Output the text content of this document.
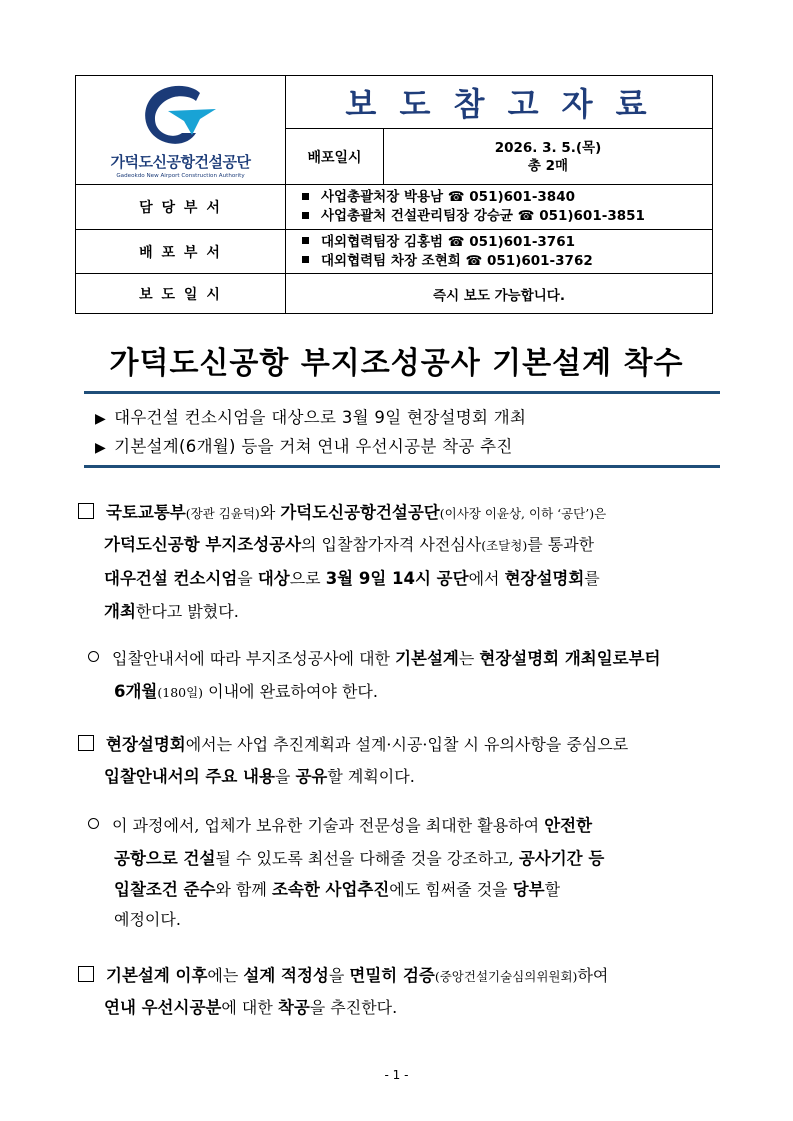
가덕도신공항건설공단
Gadeokdo New Airport Construction Authority	보 도 참 고 자 료	
	배포일시	2026. 3. 5.(목)
총 2매

담 당 부 서	사업총괄처장 박용남 ☎ 051)601-3840
사업총괄처 건설관리팀장 강승균 ☎ 051)601-3851	

배 포 부 서	대외협력팀장 김홍범 ☎ 051)601-3761
대외협력팀 차장 조현희 ☎ 051)601-3762	

보 도 일 시	즉시 보도 가능합니다.	
가덕도신공항 부지조성공사 기본설계 착수
▶ 대우건설 컨소시엄을 대상으로 3월 9일 현장설명회 개최
▶ 기본설계(6개월) 등을 거쳐 연내 우선시공분 착공 추진
국토교통부(장관 김윤덕)와 가덕도신공항건설공단(이사장 이윤상, 이하 ‘공단’)은
가덕도신공항 부지조성공사의 입찰참가자격 사전심사(조달청)를 통과한
대우건설 컨소시엄을 대상으로 3월 9일 14시 공단에서 현장설명회를
개최한다고 밝혔다.
입찰안내서에 따라 부지조성공사에 대한 기본설계는 현장설명회 개최일로부터
6개월(180일) 이내에 완료하여야 한다.
현장설명회에서는 사업 추진계획과 설계·시공·입찰 시 유의사항을 중심으로
입찰안내서의 주요 내용을 공유할 계획이다.
이 과정에서, 업체가 보유한 기술과 전문성을 최대한 활용하여 안전한
공항으로 건설될 수 있도록 최선을 다해줄 것을 강조하고, 공사기간 등
입찰조건 준수와 함께 조속한 사업추진에도 힘써줄 것을 당부할
예정이다.
기본설계 이후에는 설계 적정성을 면밀히 검증(중앙건설기술심의위원회)하여
연내 우선시공분에 대한 착공을 추진한다.
- 1 -
